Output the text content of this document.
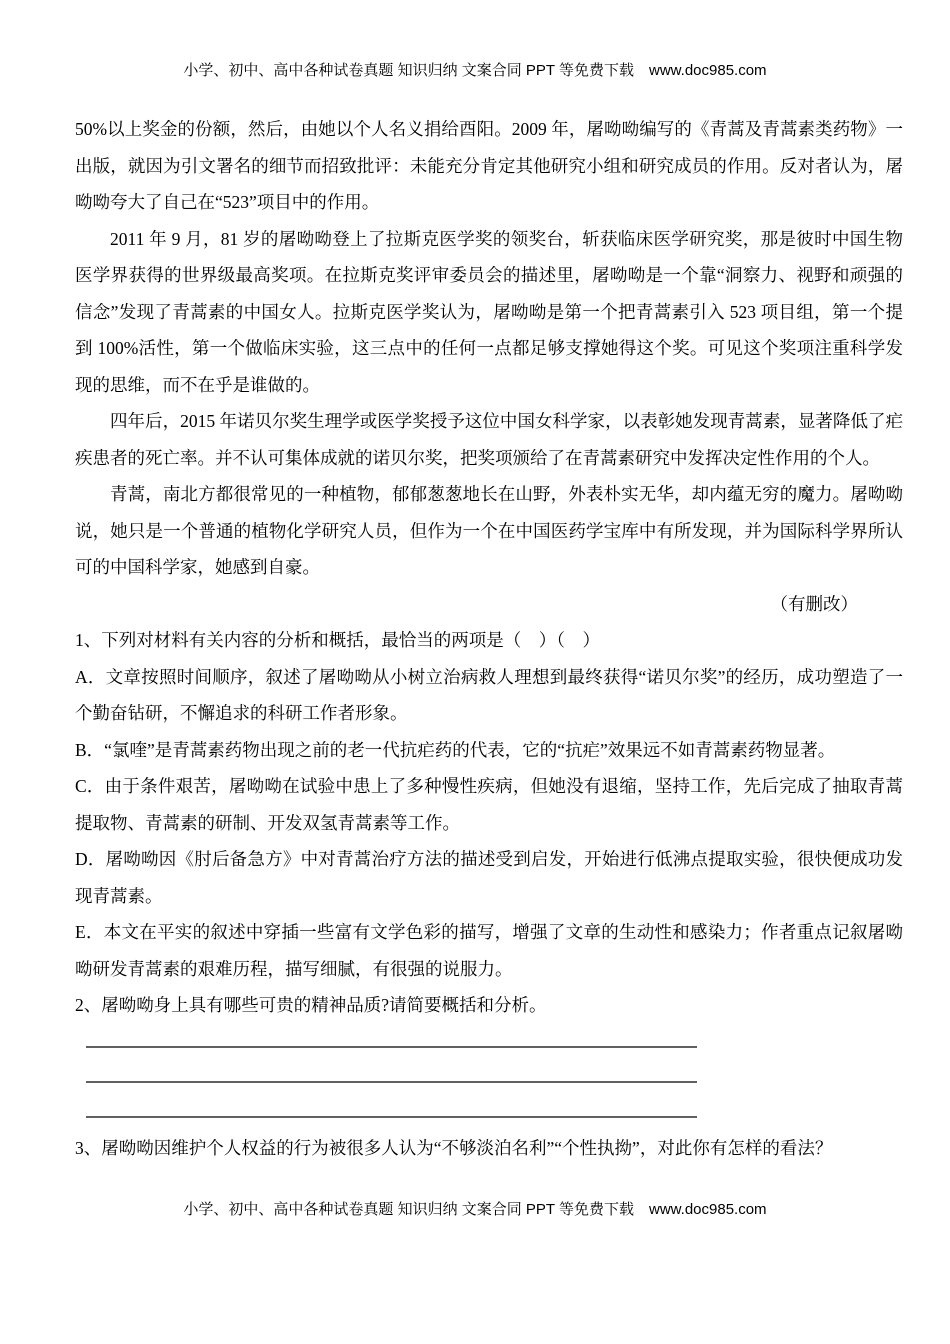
小学、初中、高中各种试卷真题 知识归纳 文案合同 PPT 等免费下载　www.doc985.com

50%以上奖金的份额，然后，由她以个人名义捐给酉阳。2009 年，屠呦呦编写的《青蒿及青蒿素类药物》一出版，就因为引文署名的细节而招致批评：未能充分肯定其他研究小组和研究成员的作用。反对者认为，屠呦呦夸大了自己在“523”项目中的作用。

2011 年 9 月，81 岁的屠呦呦登上了拉斯克医学奖的领奖台，斩获临床医学研究奖，那是彼时中国生物医学界获得的世界级最高奖项。在拉斯克奖评审委员会的描述里，屠呦呦是一个靠“洞察力、视野和顽强的信念”发现了青蒿素的中国女人。拉斯克医学奖认为，屠呦呦是第一个把青蒿素引入 523 项目组，第一个提到 100%活性，第一个做临床实验，这三点中的任何一点都足够支撑她得这个奖。可见这个奖项注重科学发现的思维，而不在乎是谁做的。

四年后，2015 年诺贝尔奖生理学或医学奖授予这位中国女科学家，以表彰她发现青蒿素，显著降低了疟疾患者的死亡率。并不认可集体成就的诺贝尔奖，把奖项颁给了在青蒿素研究中发挥决定性作用的个人。

青蒿，南北方都很常见的一种植物，郁郁葱葱地长在山野，外表朴实无华，却内蕴无穷的魔力。屠呦呦说，她只是一个普通的植物化学研究人员，但作为一个在中国医药学宝库中有所发现，并为国际科学界所认可的中国科学家，她感到自豪。

（有删改）

1、下列对材料有关内容的分析和概括，最恰当的两项是（　）（　）

A．文章按照时间顺序，叙述了屠呦呦从小树立治病救人理想到最终获得“诺贝尔奖”的经历，成功塑造了一个勤奋钻研，不懈追求的科研工作者形象。

B．“氯喹”是青蒿素药物出现之前的老一代抗疟药的代表，它的“抗疟”效果远不如青蒿素药物显著。

C．由于条件艰苦，屠呦呦在试验中患上了多种慢性疾病，但她没有退缩，坚持工作，先后完成了抽取青蒿提取物、青蒿素的研制、开发双氢青蒿素等工作。

D．屠呦呦因《肘后备急方》中对青蒿治疗方法的描述受到启发，开始进行低沸点提取实验，很快便成功发现青蒿素。

E．本文在平实的叙述中穿插一些富有文学色彩的描写，增强了文章的生动性和感染力；作者重点记叙屠呦呦研发青蒿素的艰难历程，描写细腻，有很强的说服力。

2、屠呦呦身上具有哪些可贵的精神品质?请简要概括和分析。

3、屠呦呦因维护个人权益的行为被很多人认为“不够淡泊名利”“个性执拗”，对此你有怎样的看法？

小学、初中、高中各种试卷真题 知识归纳 文案合同 PPT 等免费下载　www.doc985.com
